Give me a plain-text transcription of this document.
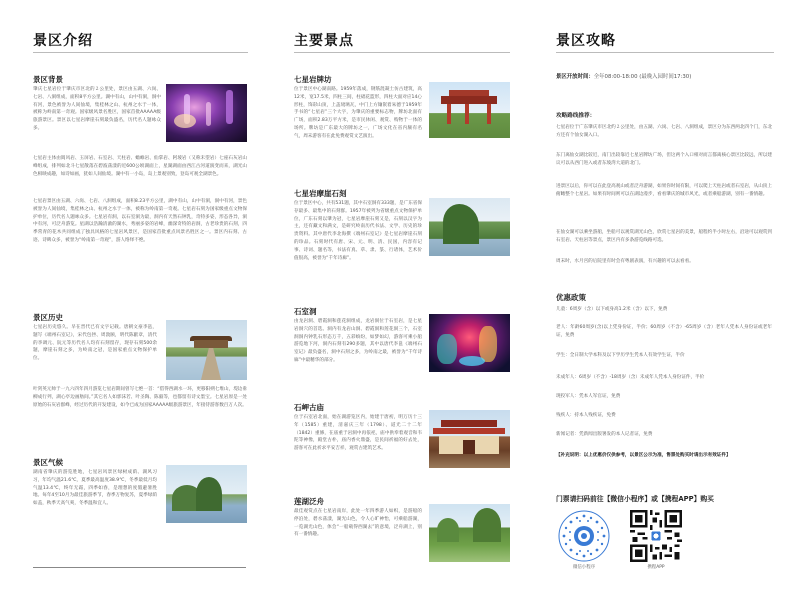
景区介绍
景区背景
肇庆七星岩位于肇庆市区北的２公里处，景区由五湖、六岗、七岩、八洞组成，面积8平方公里。湖中有山，山中有洞，洞中有河，景色被誉为人间仙境，集桂林之山、杭州之水于一体，被称为岭南第一奇观。国家级风景名胜区，国家首批AAAAA级旅游景区。景区以七星岩摩崖石刻最负盛名，历代名人题咏众多。
七星岩主体由阆风岩、玉屏岩、石室岩、天柱岩、蟾蜍岩、仙掌岩、阿坡岩（又称未望岩）七座石灰岩山峰组成，排列如北斗七星散落在碧波荡漾的近600公顷湖面上，星湖湖面由西江古河道演变而来，湖光山色相映成趣，如诗如画，犹如人间仙境。湖中有一小岛，岛上景观别致，登岛可观全湖景色。
七星岩景区由五湖、六岗、七岩、八洞组成，面积8.23平方公里，湖中有山，山中有洞，洞中有河，景色被誉为人间仙境，集桂林之山、杭州之水于一体，被称为岭南第一奇观。七星岩石刻为国家级重点文物保护单位，历代名人题咏众多。七星岩有洞，以石室洞为最，洞内有天然石钟乳，奇特多姿，形态各异，洞中有河，可泛舟游览。星湖以浩瀚清澈的湖水，秀丽多姿的岩峰，幽深奇特的岩洞，古老珍贵的石刻，四季常青的花木共同组成了独具风格的七星岩风景区，是国家首批重点风景名胜区之一。景区内石刻、古迹、诗碑众多，被誉为“岭南第一奇观”，游人络绎不绝。
景区历史
七星岩历史悠久。早在晋代已有文字记载。唐朝文豪李邕，题写《端州石室记》，宋代包拯、周敦颐，明代陈献章，清代的李调元、阮元等历代名人均有石刻留存，现存石刻500余题，摩崖石刻之多，为岭南之冠，是国家重点文物保护单位。
叶剑英元帅于一九六四年四月游览七星岩期间曾写七绝一首：“借得西湖水一环，更移阳朔七堆山，堤边垂柳成行列，湖心亭边画舫间。”其它名人如郭沫若、叶圣陶、陈毅等，也都留有诗文墨宝。七星岩原是一处原始的石灰岩群峰，经过历代的开发建设，如今已成为国家AAAAA级旅游景区，年接待游客数百万人次。
景区气候
湖南省肇庆的游览胜地，七星岩风景区绿树成荫、湖风习习，年均气温21.6℃，夏季最高温度38.9℃，冬季最低月均气温13.4℃，终年无霜，四季如春，是理想的度假避暑胜地。每年4至10月为最佳旅游季节，春季万物复苏，夏季绿荫如盖，秋季天高气爽，冬季温和宜人。
主要景点
七星岩牌坊
位于景区中心湖南路。1959年落成，钢筋混凝土仿古建筑，高12米，宽17.5米，四柱三间，柱础花篮形，四柱大面对应14心形柱，饰彩山顶，上盖琉璃瓦，中门上方镶嵌着朱德于1959年手书的“七星岩”三个大字，为肇庆的重要标志物，牌坊北面有广场，面积2.83万平方米，是市民休闲、观赏、购物于一体的场所。牌坊是广东最大的牌坊之一，广场文化在省内颇有名气，周末游客有在此免费观赏文艺演出。
七星岩摩崖石刻
位于景区中心，共有531题，其中石室洞有333题，是广东省保存最多、最集中的石刻群。1957年被列为省级重点文物保护单位，广东石刻以肇为冠，七星岩摩崖石刻又是，石刻以汉字为主，还有藏文和满文，是研究岭南历代书法、文学、历史的珍贵资料。其中唐代李北海撰《端州石室记》是七星岩摩崖石刻的珍品。石刻时代有唐、宋、元、明、清、民国，内容有记事、诗词、题名等，书法有真、草、隶、篆、行诸体，艺术价值很高，被誉为“千年诗廊”。
石室洞
由龙岩洞、碧霞洞和莲花洞组成，龙岩洞位于石室岩，是七星岩洞穴的首选。洞内有龙岩山洞、碧霞洞和莲花洞三个，石室洞洞内钟乳石形态万千，五彩缤纷，如梦如幻，游客可乘小船游览地下河，洞内石刻有290多题，其中以唐代李邕《端州石室记》最负盛名，洞中石刻之多，为岭南之最，被誉为“千年诗廊”中最精华的部分。
石岬古庙
位于石室岩北面，始在湖游览区内，始建于唐初，明万历十三年（1585）重建，清嘉庆三年（1798）、道光二十二年（1842）重修，在庙重于岩洞中再依祀，庙中供奉着观音和韦陀等神像，殿堂古朴，庙内香火鼎盛，是民间祈福的好去处，游客可在此祈求平安吉祥，观赏古建筑艺术。
莲湖泛舟
最佳观赏点在七星岩南岸，此处一年四季游人如织，是游船的停泊处，碧水荡漾，湖光山色，令人心旷神怡，可乘船游湖，一览湖光山色，体会“一船载得西湖去”的意境，泛舟湖上，别有一番情趣。
景区攻略
景区开放时间：全年08:00-18:00 (最晚入园时间17:30)
攻略路线推荐：
七星岩位于广东肇庆市区北约２公里处，由五湖、六岗、七岩、八洞组成，景区分为东西两北四个门，东北方还有个仙女湖入口。
东门离仙女湖比较近，南门出较靠近七星岩牌坊广场，但这两个入口相对而言都离核心景区比较远，所以建议可以从西门进入或者东坡湾大道的北门。
进景区以后，你可以在此登高观山或者泛舟游湖，如果你时间有限，可以爬上天柱岩或者石室岩，从山顶上俯瞰整个七星岩。如果有时间则可以在湖边漫步，看看肇庆的城市风光，或者乘船游湖，别有一番情趣。
在仙女湖可以乘坐游船，坐船可以观赏湖光山色，欣赏七星岩的美景，船程约半小时左右，沿途可以观赏到石室岩、天柱岩等景点，景区内有多条游览线路可选。
周末时，水月宫的后院里有时会有粤剧表演，有兴趣的可以去看看。
优惠政策
儿童：6周岁（含）以下或身高1.2米（含）以下，免费
老人：年龄60周岁(含)以上凭身份证，半价；60周岁（不含）-65周岁（含）老年人凭本人身份证或老年证，免费
学生：全日制大学本科及以下学历学生凭本人有效学生证，半价
未成年人：6周岁（不含）-18周岁（含）未成年人凭本人身份证件，半价
现役军人：凭本人军官证，免费
残疾人：持本人残疾证，免费
新闻记者：凭新闻出版署发的本人记者证，免费
【补充说明：以上优惠价仅供参考，以景区公示为准，售票处购买时请出示有效证件】
门票请扫码前往【微信小程序】或【携程APP】购买
微信小程序	携程APP
